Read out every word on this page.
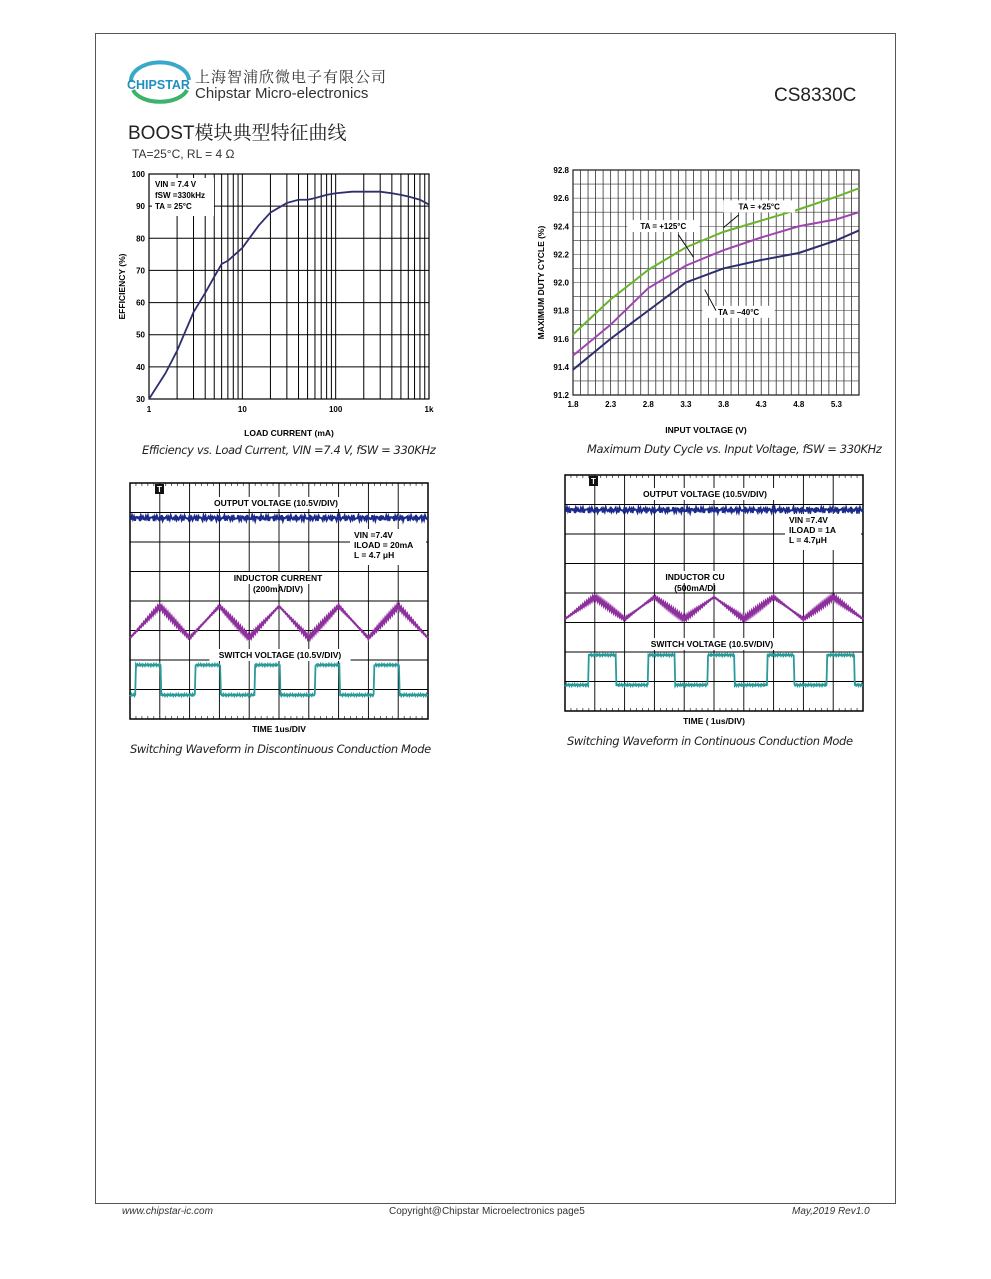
CHIPSTAR 上海智浦欣微电子有限公司
Chipstar Micro-electronics	CS8330C
BOOST模块典型特征曲线
TA=25°C, RL = 4 Ω
1	10	100	1k
30
40
50
60
70
80
90
100
LOAD CURRENT (mA)
EFFICIENCY (%)
VIN = 7.4 V
fSW =330kHz
TA = 25°C
Efficiency vs. Load Current, VIN =7.4 V, fSW = 330KHz
1.8	2.3	2.8	3.3	3.8	4.3	4.8	5.3
91.2
91.4
91.6
91.8
92.0
92.2
92.4
92.6
92.8
INPUT VOLTAGE (V)
MAXIMUM DUTY CYCLE (%)
TA = +25°C
TA = +125°C
TA = –40°C
Maximum Duty Cycle vs. Input Voltage, fSW = 330KHz
OUTPUT VOLTAGE (10.5V/DIV)
INDUCTOR CURRENT
(200mA/DIV)
SWITCH VOLTAGE (10.5V/DIV)
VIN =7.4V
ILOAD = 20mA
L = 4.7 μH
T
TIME 1us/DIV
Switching Waveform in Discontinuous Conduction Mode
OUTPUT VOLTAGE (10.5V/DIV)
INDUCTOR CU
(500mA/DI
SWITCH VOLTAGE (10.5V/DIV)
VIN =7.4V
ILOAD = 1A
L = 4.7μH
T
TIME ( 1us/DIV)
Switching Waveform in Continuous Conduction Mode
www.chipstar-ic.com	Copyright@Chipstar Microelectronics page5	May,2019 Rev1.0
